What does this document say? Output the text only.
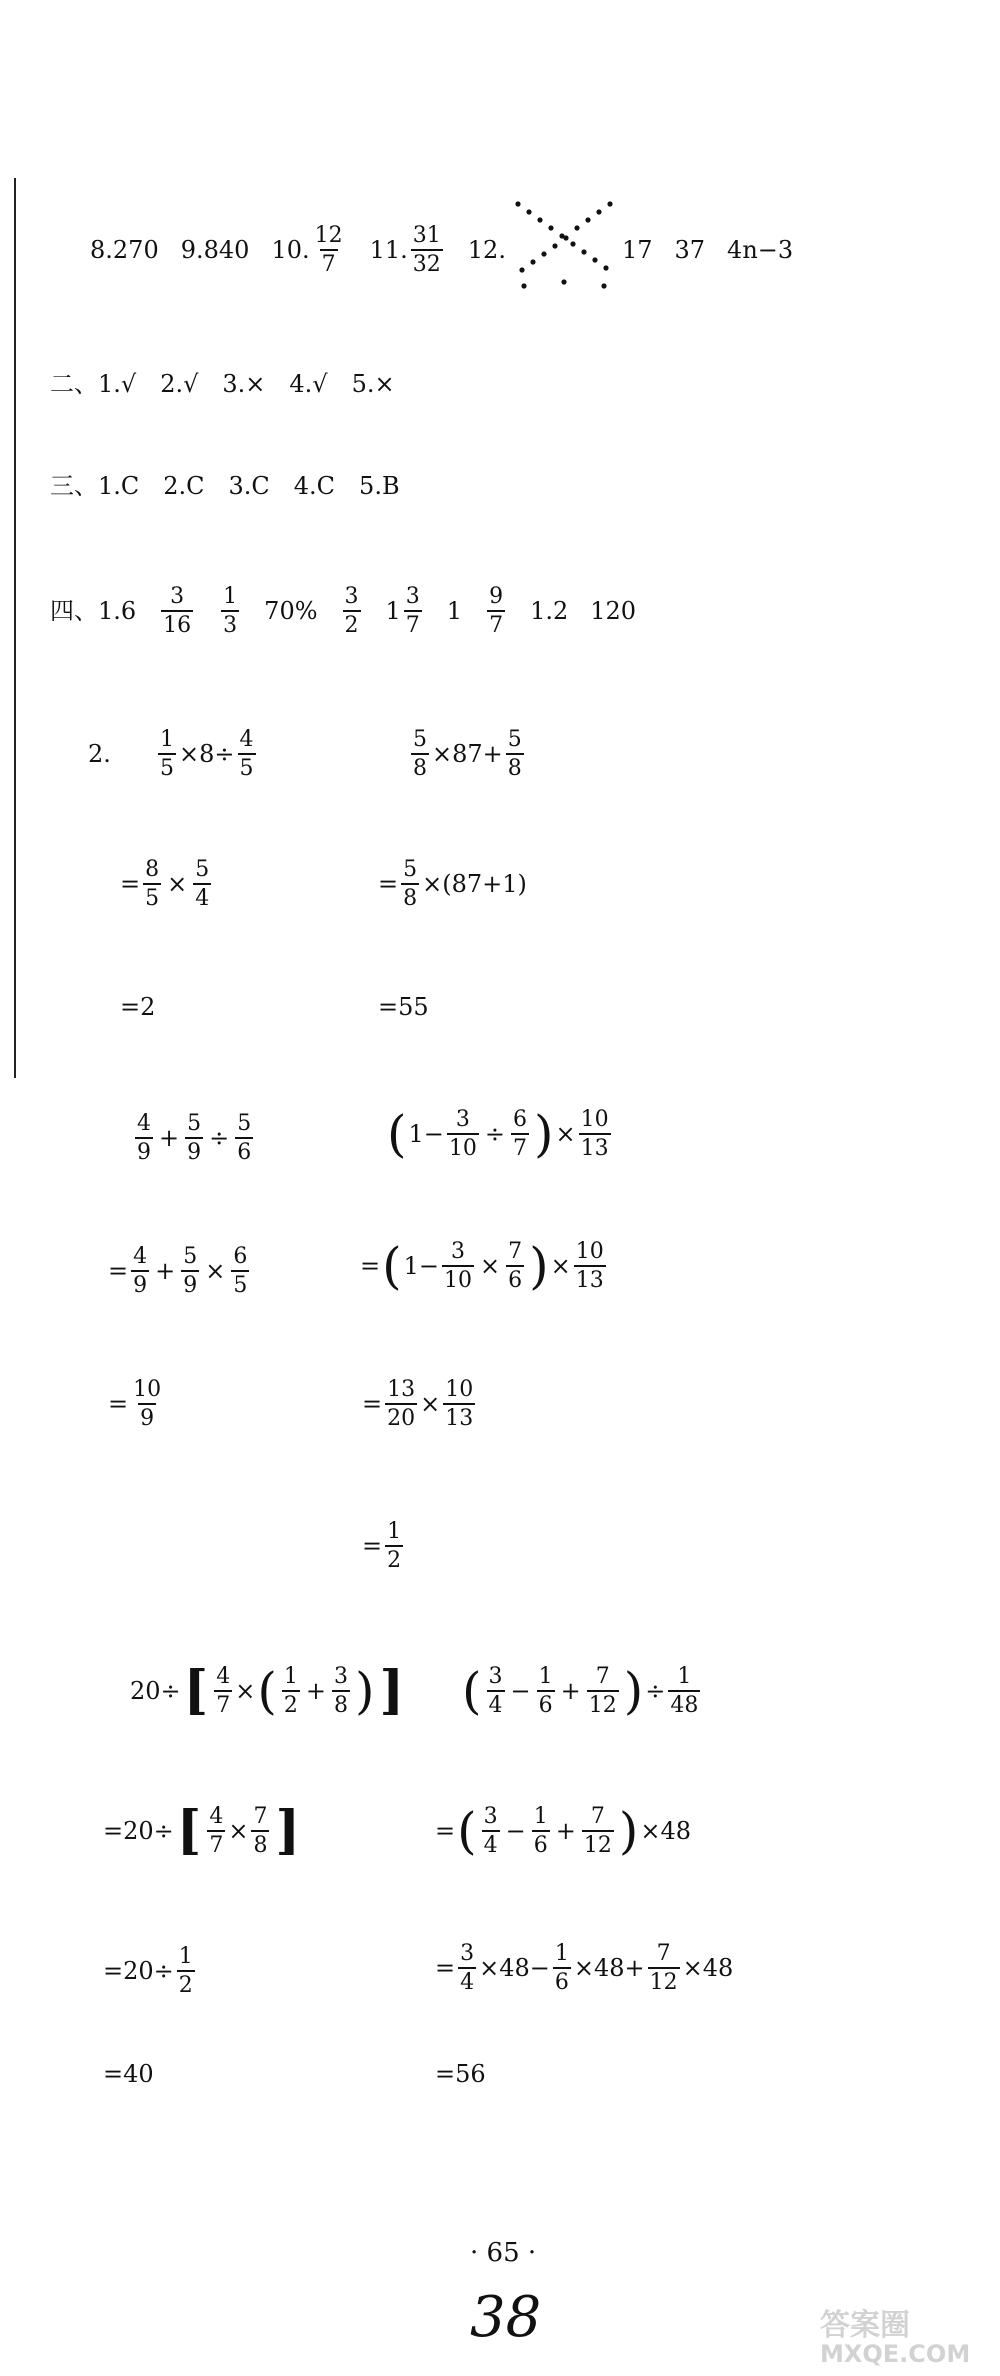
8.270 9.840 10. $\frac{12}{7} 11$. $\frac{31}{32} 12$.	17 37 4n−3
二、1.√　2.√　3.×　4.√　5.×
三、1.C　2.C　3.C　4.C　5.B
四、$1.6 \frac{3}{16} \frac{1}{3} 70\% \frac{3}{2} 1 \frac{3}{7} 1 \frac{9}{7} 1.2$ 120
2. $\frac{1}{5} \times 8\div \frac{4}{5}$
= $\frac{8}{5} \times \frac{5}{4}$
=2
$\frac{5}{8} \times 87+ \frac{5}{8}$
= $\frac{5}{8} \times(87+1)$
=55
$\frac{4}{9} + \frac{5}{9} \div \frac{5}{6}$
= $\frac{4}{9} + \frac{5}{9} \times \frac{6}{5}$
= $\frac{10}{9}$
( $1- \frac{3}{10} \div \frac{6}{7}$ ) × $\frac{10}{13}$
= ( $1- \frac{3}{10} \times \frac{7}{6}$ ) × $\frac{10}{13}$
= $\frac{13}{20} \times \frac{10}{13}$
= $\frac{1}{2}$
20÷ [ $\frac{4}{7}$ × ( $\frac{1}{2} + \frac{3}{8}$ ) ]
=20÷ [ $\frac{4}{7} \times \frac{7}{8}$ ]
$=20\div \frac{1}{2}$
=40
( $\frac{3}{4} - \frac{1}{6} + \frac{7}{12}$ ) ÷ $\frac{1}{48}$
= ( $\frac{3}{4} - \frac{1}{6} + \frac{7}{12}$ ) ×48
= $\frac{3}{4} \times 48- \frac{1}{6} \times 48+ \frac{7}{12} \times 48$
=56
· 65 ·
38	答案圈
MXQE.COM
